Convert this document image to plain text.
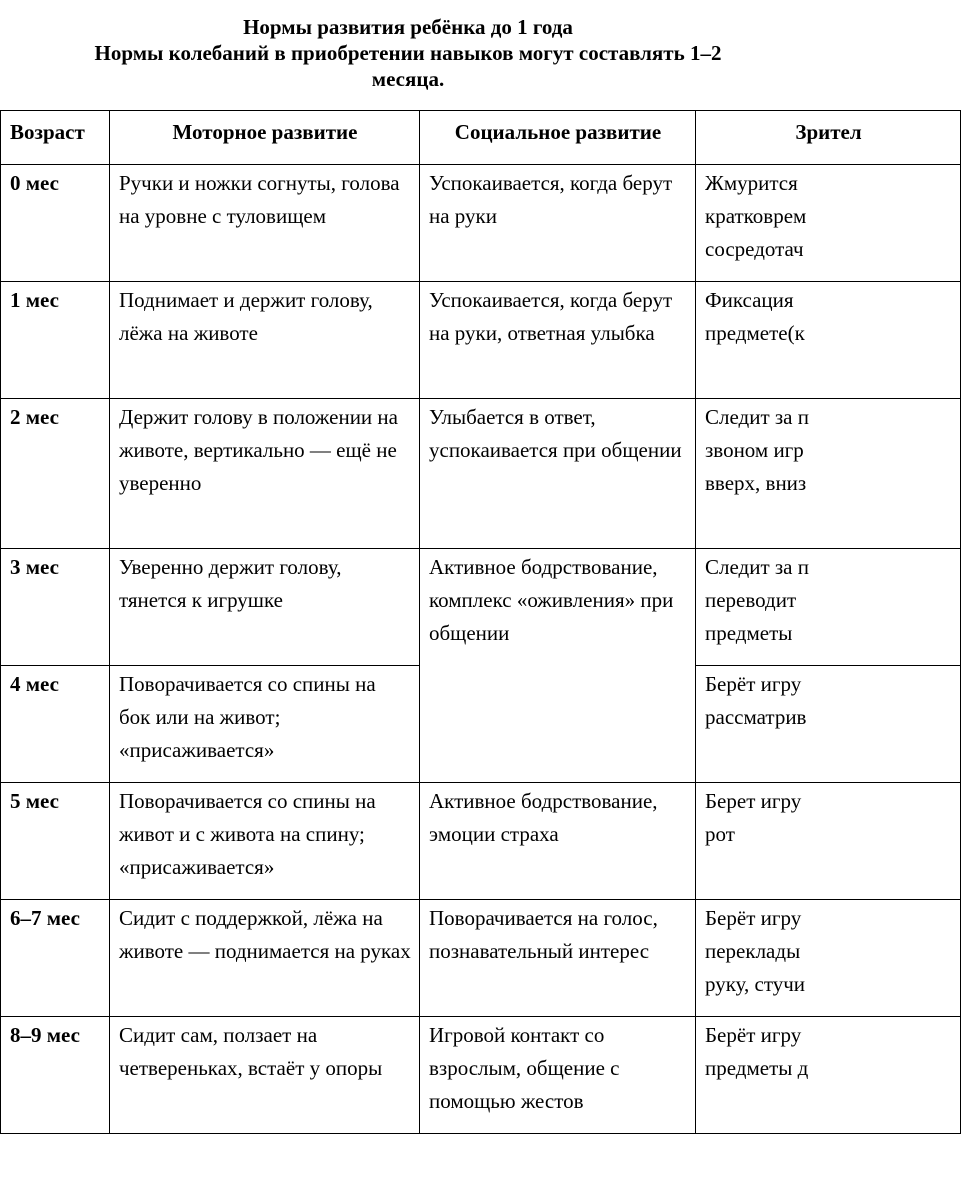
Нормы развития ребёнка до 1 года
Нормы колебаний в приобретении навыков могут составлять 1–2
месяца.
Возраст	Моторное развитие	Социальное развитие	Зрител
0 мес	Ручки и ножки согнуты, голова на уровне с туловищем	Успокаивается, когда берут на руки	Жмурится
кратковрем
сосредотач
1 мес	Поднимает и держит голову, лёжа на животе	Успокаивается, когда берут на руки, ответная улыбка	Фиксация
предмете(к
2 мес	Держит голову в положении на животе, вертикально — ещё не уверенно	Улыбается в ответ, успокаивается при общении	Следит за п
звоном игр
вверх, вниз
3 мес	Уверенно держит голову, тянется к игрушке	Активное бодрствование, комплекс «оживления» при общении	Следит за п
переводит
предметы
4 мес	Поворачивается со спины на бок или на живот; «присаживается»		Берёт игру
рассматрив
5 мес	Поворачивается со спины на живот и с живота на спину; «присаживается»	Активное бодрствование, эмоции страха	Берет игру
рот
6–7 мес	Сидит с поддержкой, лёжа на животе — поднимается на руках	Поворачивается на голос, познавательный интерес	Берёт игру
переклады
руку, стучи
8–9 мес	Сидит сам, ползает на четвереньках, встаёт у опоры	Игровой контакт со взрослым, общение с помощью жестов	Берёт игру
предметы д
